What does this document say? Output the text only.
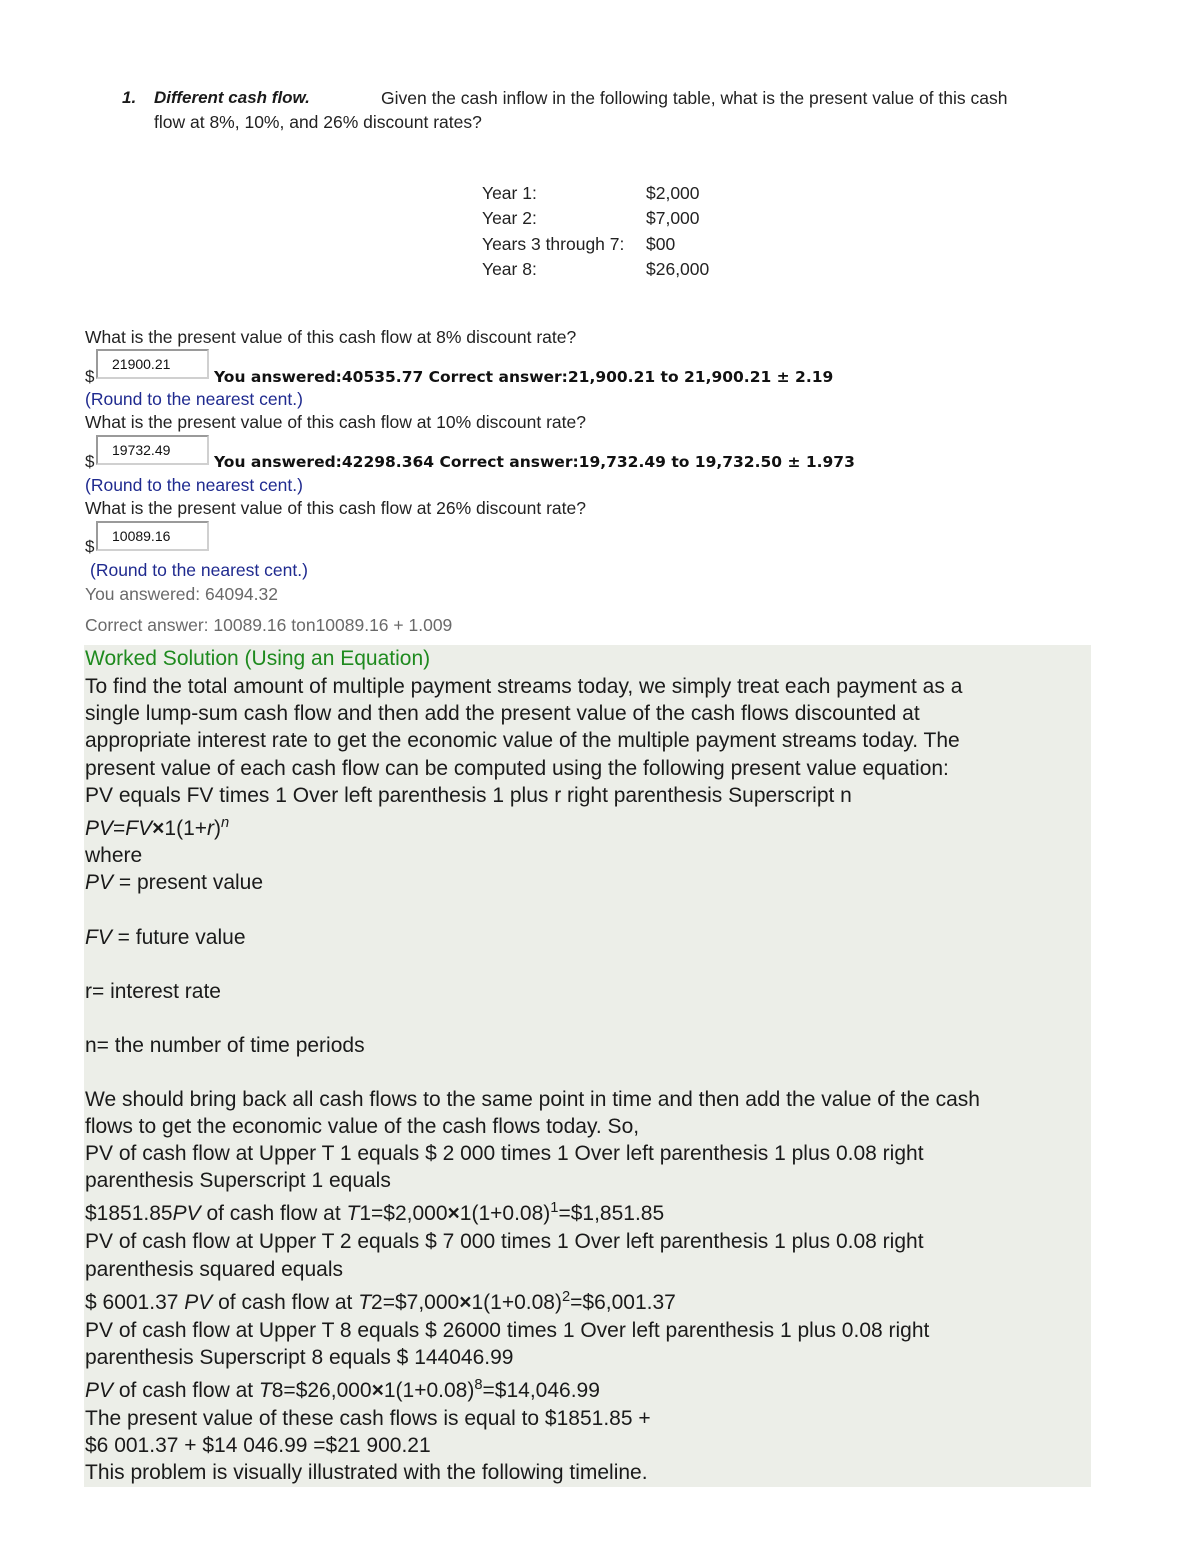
1. Different cash flow.	Given the cash inflow in the following table, what is the present value of this cash
flow at 8%, 10%, and 26% discount rates?
Year 1:	$2,000
Year 2:	$7,000
Years 3 through 7:	$00
Year 8:	$26,000
What is the present value of this cash flow at 8% discount rate?
$
21900.21
You answered:40535.77 Correct answer:21,900.21 to 21,900.21 ± 2.19
(Round to the nearest cent.)
What is the present value of this cash flow at 10% discount rate?
$
19732.49
You answered:42298.364 Correct answer:19,732.49 to 19,732.50 ± 1.973
(Round to the nearest cent.)
What is the present value of this cash flow at 26% discount rate?
$
10089.16
(Round to the nearest cent.)
You answered: 64094.32
Correct answer: 10089.16 ton10089.16 + 1.009
Worked Solution (Using an Equation)
To find the total amount of multiple payment streams today, we simply treat each payment as a
single lump-sum cash flow and then add the present value of the cash flows discounted at
appropriate interest rate to get the economic value of the multiple payment streams today. The
present value of each cash flow can be computed using the following present value equation:
PV equals FV times 1 Over left parenthesis 1 plus r right parenthesis Superscript n
$PV=FV\times 1(1+r)^n$
where
PV = present value
FV = future value
r= interest rate
n= the number of time periods
We should bring back all cash flows to the same point in time and then add the value of the cash
flows to get the economic value of the cash flows today. So,
PV of cash flow at Upper T 1 equals $ 2 000 times 1 Over left parenthesis 1 plus 0.08 right
parenthesis Superscript 1 equals
$1851.85PV of cash flow at $T1=\$2,000\times 1(1+0.08)^1=\$1,851.85$
PV of cash flow at Upper T 2 equals $ 7 000 times 1 Over left parenthesis 1 plus 0.08 right
parenthesis squared equals
$ 6001.37 PV of cash flow at $T2=\$7,000\times 1(1+0.08)^2=\$6,001.37$
PV of cash flow at Upper T 8 equals $ 26000 times 1 Over left parenthesis 1 plus 0.08 right
parenthesis Superscript 8 equals $ 144046.99
PV of cash flow at $T8=\$26,000\times 1(1+0.08)^8=\$14,046.99$
The present value of these cash flows is equal to $1851.85 +
$6 001.37 + $14 046.99 =$21 900.21
This problem is visually illustrated with the following timeline.
